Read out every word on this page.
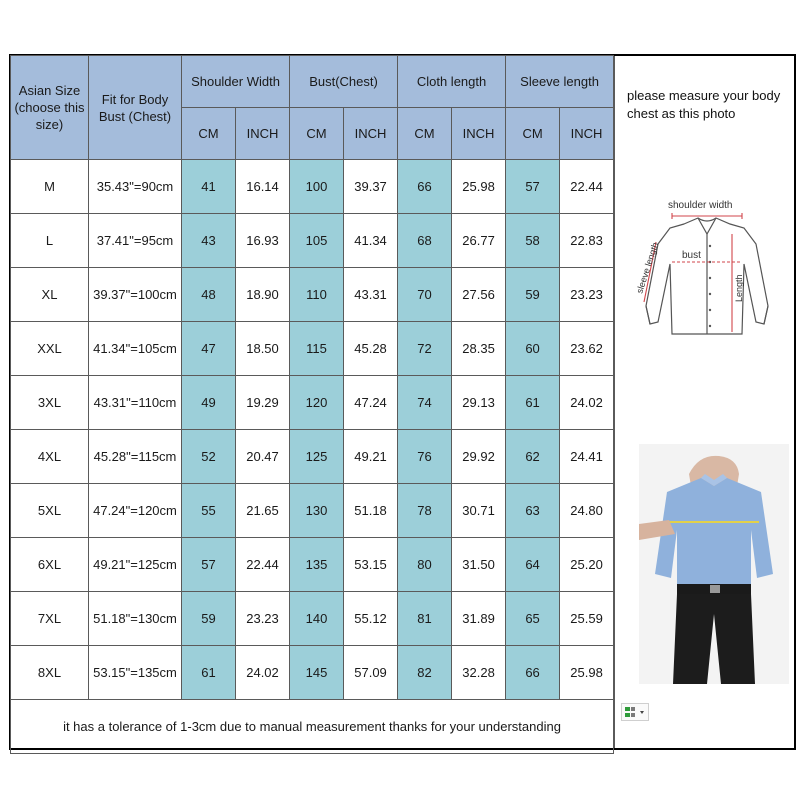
Asian Size (choose this size)	Fit for Body Bust (Chest)	Shoulder Width		Bust(Chest)		Cloth length		Sleeve length	
		CM	INCH	CM	INCH	CM	INCH	CM	INCH
M	35.43"=90cm	41	16.14	100	39.37	66	25.98	57	22.44
L	37.41"=95cm	43	16.93	105	41.34	68	26.77	58	22.83
XL	39.37"=100cm	48	18.90	110	43.31	70	27.56	59	23.23
XXL	41.34"=105cm	47	18.50	115	45.28	72	28.35	60	23.62
3XL	43.31"=110cm	49	19.29	120	47.24	74	29.13	61	24.02
4XL	45.28"=115cm	52	20.47	125	49.21	76	29.92	62	24.41
5XL	47.24"=120cm	55	21.65	130	51.18	78	30.71	63	24.80
6XL	49.21"=125cm	57	22.44	135	53.15	80	31.50	64	25.20
7XL	51.18"=130cm	59	23.23	140	55.12	81	31.89	65	25.59
8XL	53.15"=135cm	61	24.02	145	57.09	82	32.28	66	25.98
it has a tolerance of 1-3cm due to manual measurement thanks for your understanding									
please measure your body chest as this photo
shoulder width
bust
sleeve length	Length
